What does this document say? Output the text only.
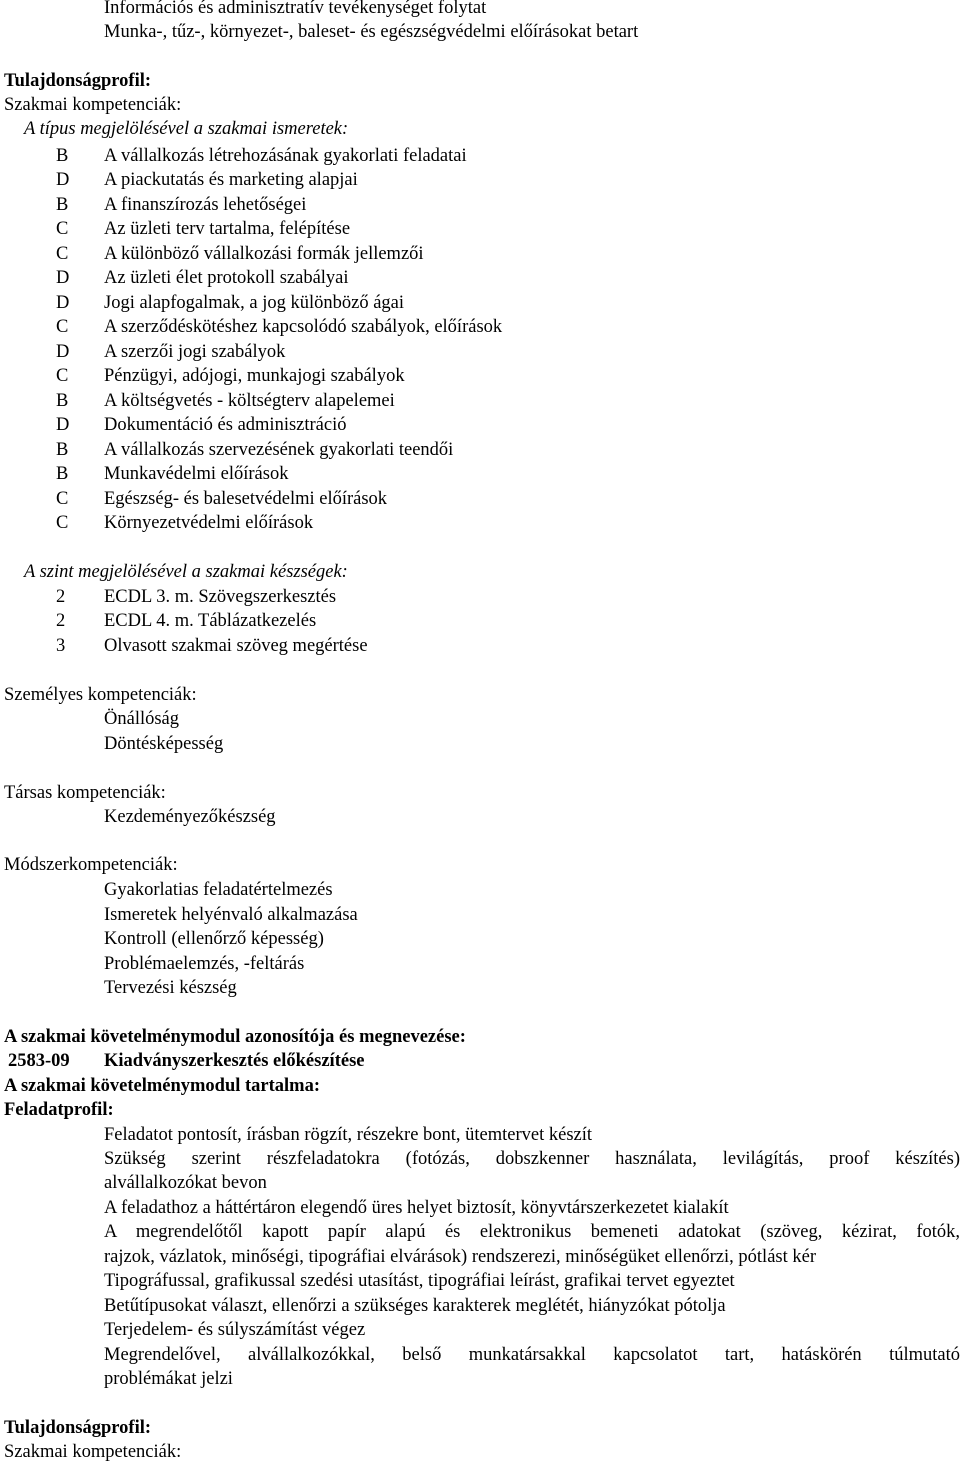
Információs és adminisztratív tevékenységet folytat
Munka-, tűz-, környezet-, baleset- és egészségvédelmi előírásokat betart
Tulajdonságprofil:
Szakmai kompetenciák:
A típus megjelölésével a szakmai ismeretek:
B	A vállalkozás létrehozásának gyakorlati feladatai
D	A piackutatás és marketing alapjai
B	A finanszírozás lehetőségei
C	Az üzleti terv tartalma, felépítése
C	A különböző vállalkozási formák jellemzői
D	Az üzleti élet protokoll szabályai
D	Jogi alapfogalmak, a jog különböző ágai
C	A szerződéskötéshez kapcsolódó szabályok, előírások
D	A szerzői jogi szabályok
C	Pénzügyi, adójogi, munkajogi szabályok
B	A költségvetés - költségterv alapelemei
D	Dokumentáció és adminisztráció
B	A vállalkozás szervezésének gyakorlati teendői
B	Munkavédelmi előírások
C	Egészség- és balesetvédelmi előírások
C	Környezetvédelmi előírások
A szint megjelölésével a szakmai készségek:
2	ECDL 3. m. Szövegszerkesztés
2	ECDL 4. m. Táblázatkezelés
3	Olvasott szakmai szöveg megértése
Személyes kompetenciák:
Önállóság
Döntésképesség
Társas kompetenciák:
Kezdeményezőkészség
Módszerkompetenciák:
Gyakorlatias feladatértelmezés
Ismeretek helyénvaló alkalmazása
Kontroll (ellenőrző képesség)
Problémaelemzés, -feltárás
Tervezési készség
A szakmai követelménymodul azonosítója és megnevezése:
2583-09 Kiadványszerkesztés előkészítése
A szakmai követelménymodul tartalma:
Feladatprofil:
Feladatot pontosít, írásban rögzít, részekre bont, ütemtervet készít
Szükség szerint részfeladatokra (fotózás, dobszkenner használata, levilágítás, proof készítés)
alvállalkozókat bevon
A feladathoz a háttértáron elegendő üres helyet biztosít, könyvtárszerkezetet kialakít
A megrendelőtől kapott papír alapú és elektronikus bemeneti adatokat (szöveg, kézirat, fotók,
rajzok, vázlatok, minőségi, tipográfiai elvárások) rendszerezi, minőségüket ellenőrzi, pótlást kér
Tipográfussal, grafikussal szedési utasítást, tipográfiai leírást, grafikai tervet egyeztet
Betűtípusokat választ, ellenőrzi a szükséges karakterek meglétét, hiányzókat pótolja
Terjedelem- és súlyszámítást végez
Megrendelővel, alvállalkozókkal, belső munkatársakkal kapcsolatot tart, hatáskörén túlmutató
problémákat jelzi
Tulajdonságprofil:
Szakmai kompetenciák:
